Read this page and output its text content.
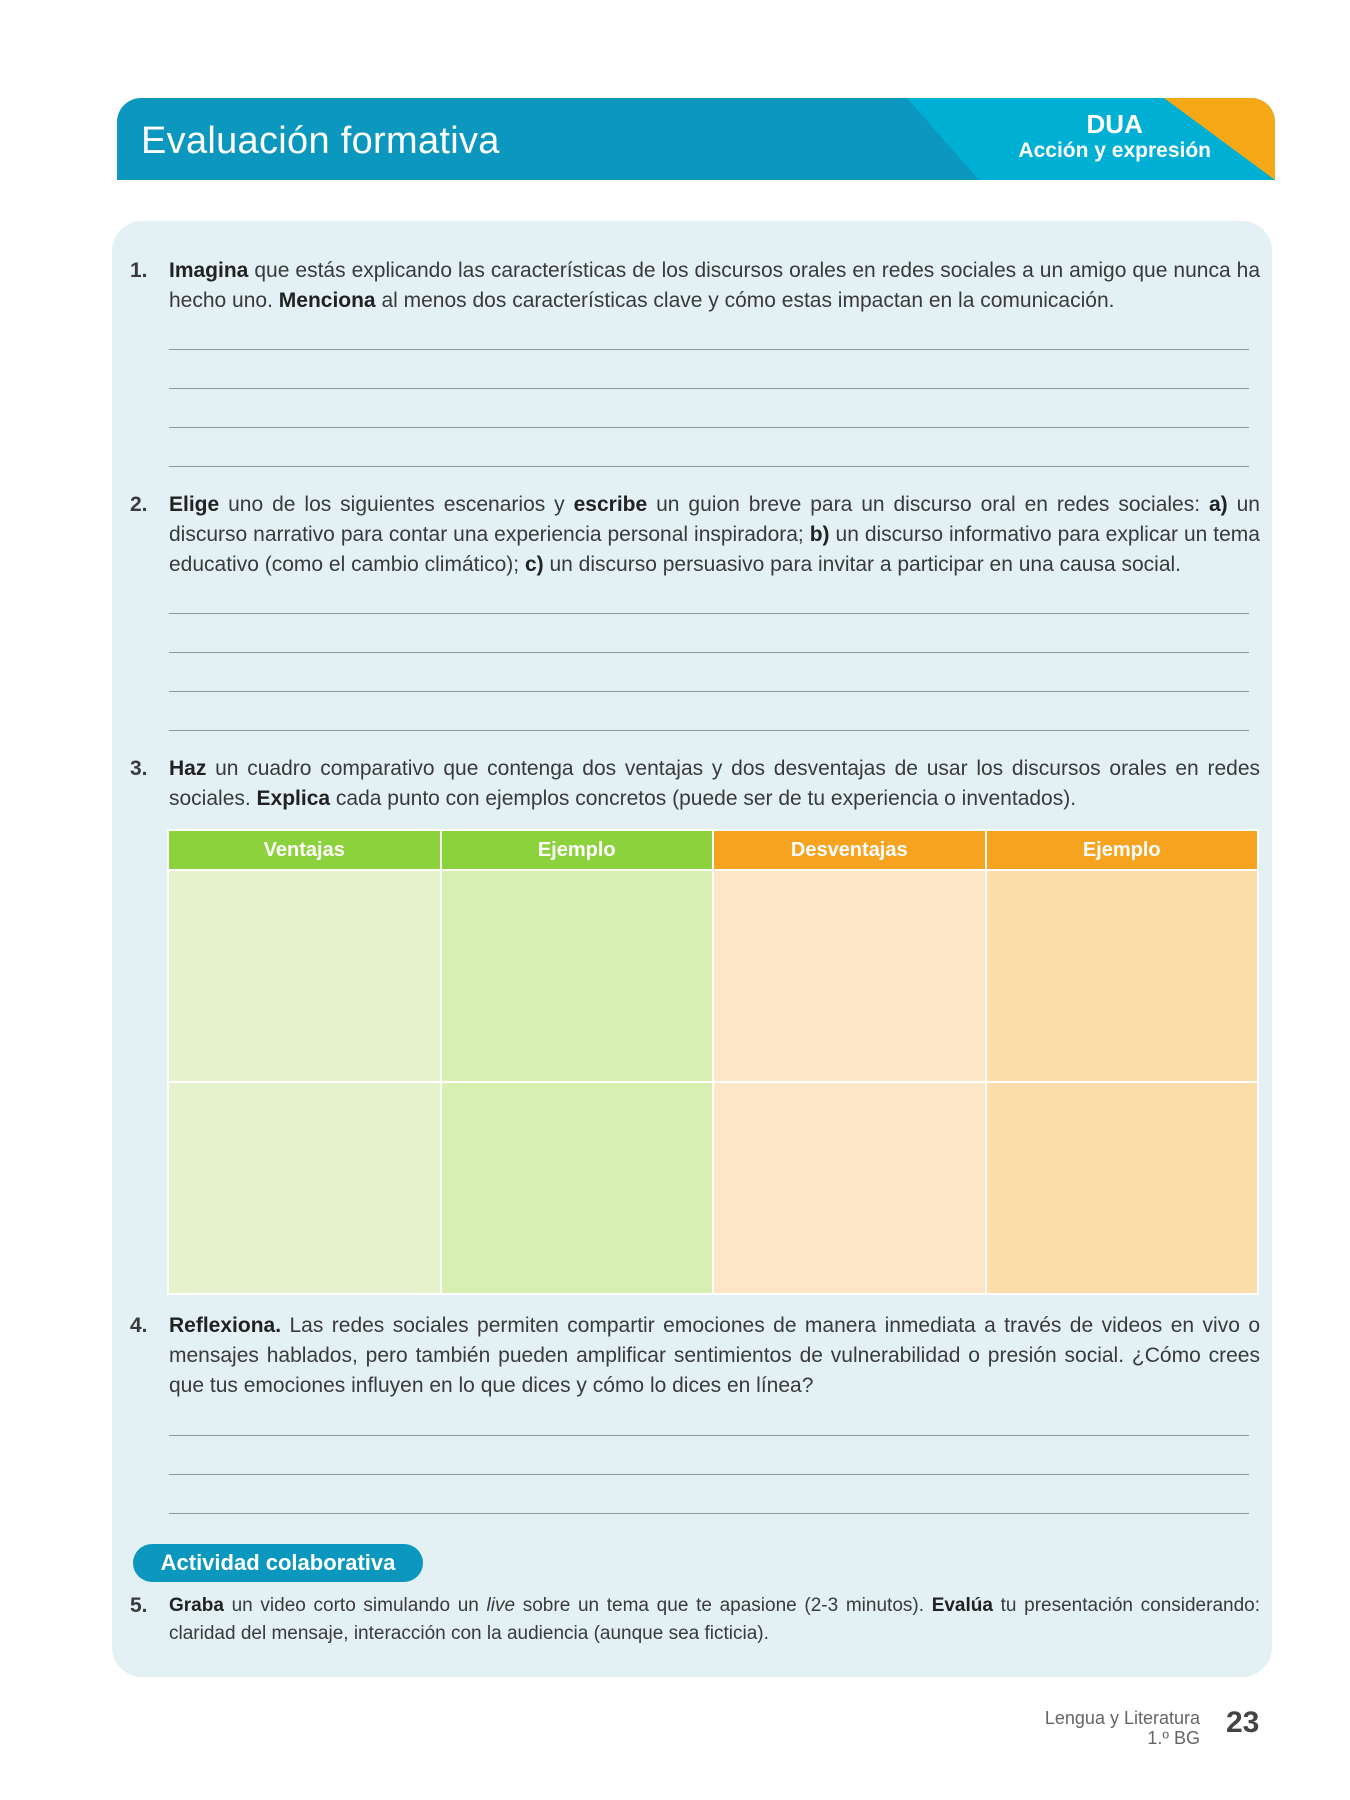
Evaluación formativa	DUA
Acción y expresión
1. Imagina que estás explicando las características de los discursos orales en redes sociales a un amigo que nunca ha hecho uno. Menciona al menos dos características clave y cómo estas impactan en la comunicación.
2. Elige uno de los siguientes escenarios y escribe un guion breve para un discurso oral en redes sociales: a) un discurso narrativo para contar una experiencia personal inspiradora; b) un discurso informativo para explicar un tema educativo (como el cambio climático); c) un discurso persuasivo para invitar a participar en una causa social.
3. Haz un cuadro comparativo que contenga dos ventajas y dos desventajas de usar los discursos orales en redes sociales. Explica cada punto con ejemplos concretos (puede ser de tu experiencia o inventados).
Ventajas	Ejemplo	Desventajas	Ejemplo

4. Reflexiona. Las redes sociales permiten compartir emociones de manera inmediata a través de videos en vivo o mensajes hablados, pero también pueden amplificar sentimientos de vulnerabilidad o presión social. ¿Cómo crees que tus emociones influyen en lo que dices y cómo lo dices en línea?
Actividad colaborativa
5. Graba un video corto simulando un live sobre un tema que te apasione (2-3 minutos). Evalúa tu presentación considerando: claridad del mensaje, interacción con la audiencia (aunque sea ficticia).
Lengua y Literatura
1.º BG 23
